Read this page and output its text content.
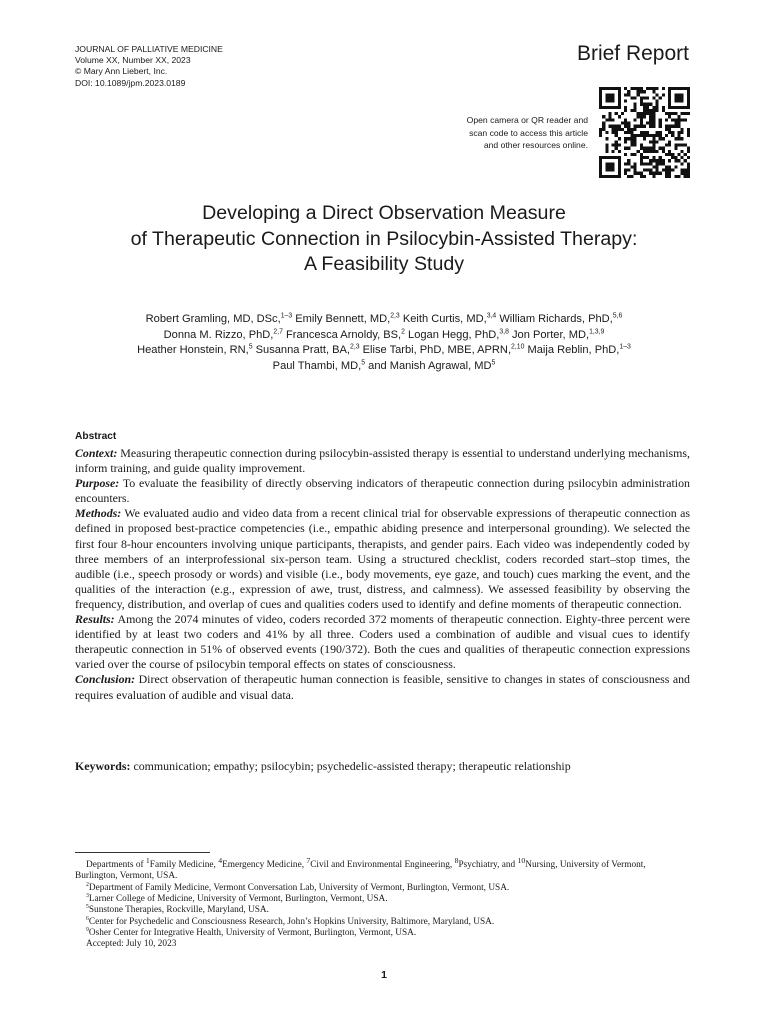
JOURNAL OF PALLIATIVE MEDICINE
Volume XX, Number XX, 2023
© Mary Ann Liebert, Inc.
DOI: 10.1089/jpm.2023.0189
Brief Report
Open camera or QR reader and
scan code to access this article
and other resources online.
Developing a Direct Observation Measure
of Therapeutic Connection in Psilocybin-Assisted Therapy:
A Feasibility Study
Robert Gramling, MD, DSc,$^{1-3}$ Emily Bennett, MD,$^{2,3}$ Keith Curtis, MD,$^{3,4}$ William Richards, PhD,$^{5,6}$
Donna M. Rizzo, PhD,$^{2,7}$ Francesca Arnoldy, BS,$^2$ Logan Hegg, PhD,$^{3,8}$ Jon Porter, MD,$^{1,3,9}$
Heather Honstein, RN,$^5$ Susanna Pratt, BA,$^{2,3}$ Elise Tarbi, PhD, MBE, APRN,$^{2,10}$ Maija Reblin, PhD,$^{1-3}$
Paul Thambi, MD,$^5$ and Manish Agrawal, $MD^5$
Abstract

Context: Measuring therapeutic connection during psilocybin-assisted therapy is essential to understand underlying mechanisms, inform training, and guide quality improvement.

Purpose: To evaluate the feasibility of directly observing indicators of therapeutic connection during psilocybin administration encounters.

Methods: We evaluated audio and video data from a recent clinical trial for observable expressions of therapeutic connection as defined in proposed best-practice competencies (i.e., empathic abiding presence and interpersonal grounding). We selected the first four 8-hour encounters involving unique participants, therapists, and gender pairs. Each video was independently coded by three members of an interprofessional six-person team. Using a structured checklist, coders recorded start–stop times, the audible (i.e., speech prosody or words) and visible (i.e., body movements, eye gaze, and touch) cues marking the event, and the qualities of the interaction (e.g., expression of awe, trust, distress, and calmness). We assessed feasibility by observing the frequency, distribution, and overlap of cues and qualities coders used to identify and define moments of therapeutic connection.

Results: Among the 2074 minutes of video, coders recorded 372 moments of therapeutic connection. Eighty-three percent were identified by at least two coders and 41% by all three. Coders used a combination of audible and visual cues to identify therapeutic connection in 51% of observed events (190/372). Both the cues and qualities of therapeutic connection expressions varied over the course of psilocybin temporal effects on states of consciousness.

Conclusion: Direct observation of therapeutic human connection is feasible, sensitive to changes in states of consciousness and requires evaluation of audible and visual data.

Keywords: communication; empathy; psilocybin; psychedelic-assisted therapy; therapeutic relationship
Departments of $^1$Family Medicine, $^4$Emergency Medicine, $^7$Civil and Environmental Engineering, $^8$Psychiatry, and $^{10}$Nursing, University of Vermont, Burlington, Vermont, USA.
$^2$Department of Family Medicine, Vermont Conversation Lab, University of Vermont, Burlington, Vermont, USA.
$^3$Larner College of Medicine, University of Vermont, Burlington, Vermont, USA.
$^5$Sunstone Therapies, Rockville, Maryland, USA.
$^6$Center for Psychedelic and Consciousness Research, John’s Hopkins University, Baltimore, Maryland, USA.
$^9$Osher Center for Integrative Health, University of Vermont, Burlington, Vermont, USA.
Accepted: July 10, 2023
1
